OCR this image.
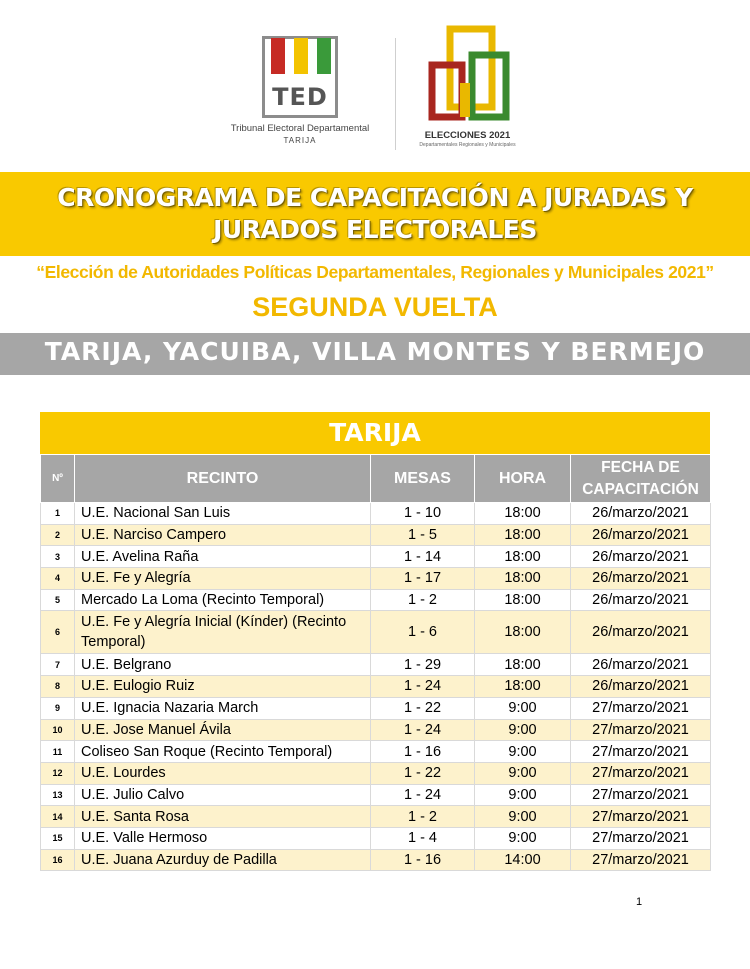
TED
Tribunal Electoral Departamental
TARIJA	ELECCIONES 2021
Departamentales Regionales y Municipales
CRONOGRAMA DE CAPACITACIÓN A JURADAS Y
JURADOS ELECTORALES
“Elección de Autoridades Políticas Departamentales, Regionales y Municipales 2021”
SEGUNDA VUELTA
TARIJA, YACUIBA, VILLA MONTES Y BERMEJO
TARIJA
Nº	RECINTO	MESAS	HORA	FECHA DE
CAPACITACIÓN

1	U.E. Nacional San Luis	1 - 10	18:00	26/marzo/2021
2	U.E. Narciso Campero	1 - 5	18:00	26/marzo/2021
3	U.E. Avelina Raña	1 - 14	18:00	26/marzo/2021
4	U.E. Fe y Alegría	1 - 17	18:00	26/marzo/2021
5	Mercado La Loma (Recinto Temporal)	1 - 2	18:00	26/marzo/2021
6	U.E. Fe y Alegría Inicial (Kínder) (Recinto Temporal)	1 - 6	18:00	26/marzo/2021
7	U.E. Belgrano	1 - 29	18:00	26/marzo/2021
8	U.E. Eulogio Ruiz	1 - 24	18:00	26/marzo/2021
9	U.E. Ignacia Nazaria March	1 - 22	9:00	27/marzo/2021
10	U.E. Jose Manuel Ávila	1 - 24	9:00	27/marzo/2021
11	Coliseo San Roque (Recinto Temporal)	1 - 16	9:00	27/marzo/2021
12	U.E. Lourdes	1 - 22	9:00	27/marzo/2021
13	U.E. Julio Calvo	1 - 24	9:00	27/marzo/2021
14	U.E. Santa Rosa	1 - 2	9:00	27/marzo/2021
15	U.E. Valle Hermoso	1 - 4	9:00	27/marzo/2021
16	U.E. Juana Azurduy de Padilla	1 - 16	14:00	27/marzo/2021
1
